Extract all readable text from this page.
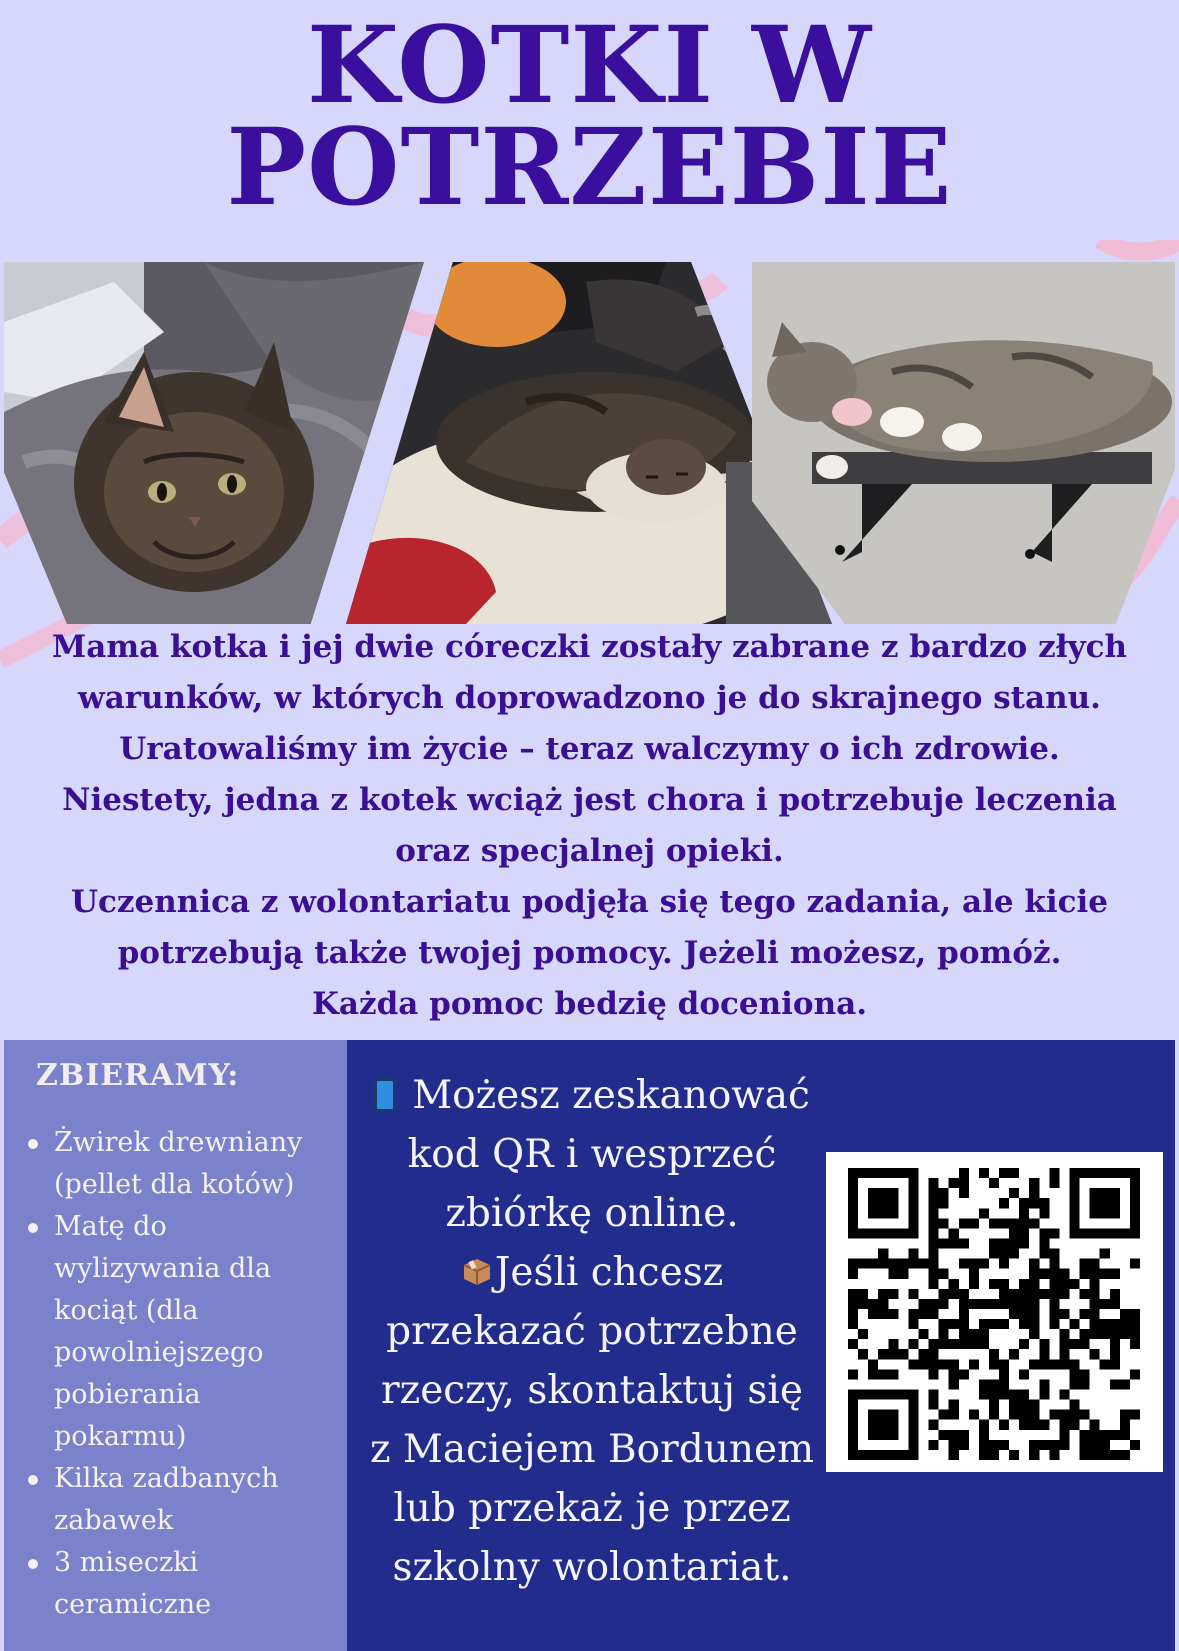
KOTKI W
POTRZEBIE
Mama kotka i jej dwie córeczki zostały zabrane z bardzo złych
warunków, w których doprowadzono je do skrajnego stanu.
Uratowaliśmy im życie – teraz walczymy o ich zdrowie.
Niestety, jedna z kotek wciąż jest chora i potrzebuje leczenia
oraz specjalnej opieki.
Uczennica z wolontariatu podjęła się tego zadania, ale kicie
potrzebują także twojej pomocy. Jeżeli możesz, pomóż.
Każda pomoc bedzię doceniona.
ZBIERAMY:
Żwirek drewniany
(pellet dla kotów)
Matę do
wylizywania dla
kociąt (dla
powolniejszego
pobierania
pokarmu)
Kilka zadbanych
zabawek
3 miseczki
ceramiczne
Możesz zeskanować
kod QR i wesprzeć
zbiórkę online.
Jeśli chcesz
przekazać potrzebne
rzeczy, skontaktuj się
z Maciejem Bordunem
lub przekaż je przez
szkolny wolontariat.
